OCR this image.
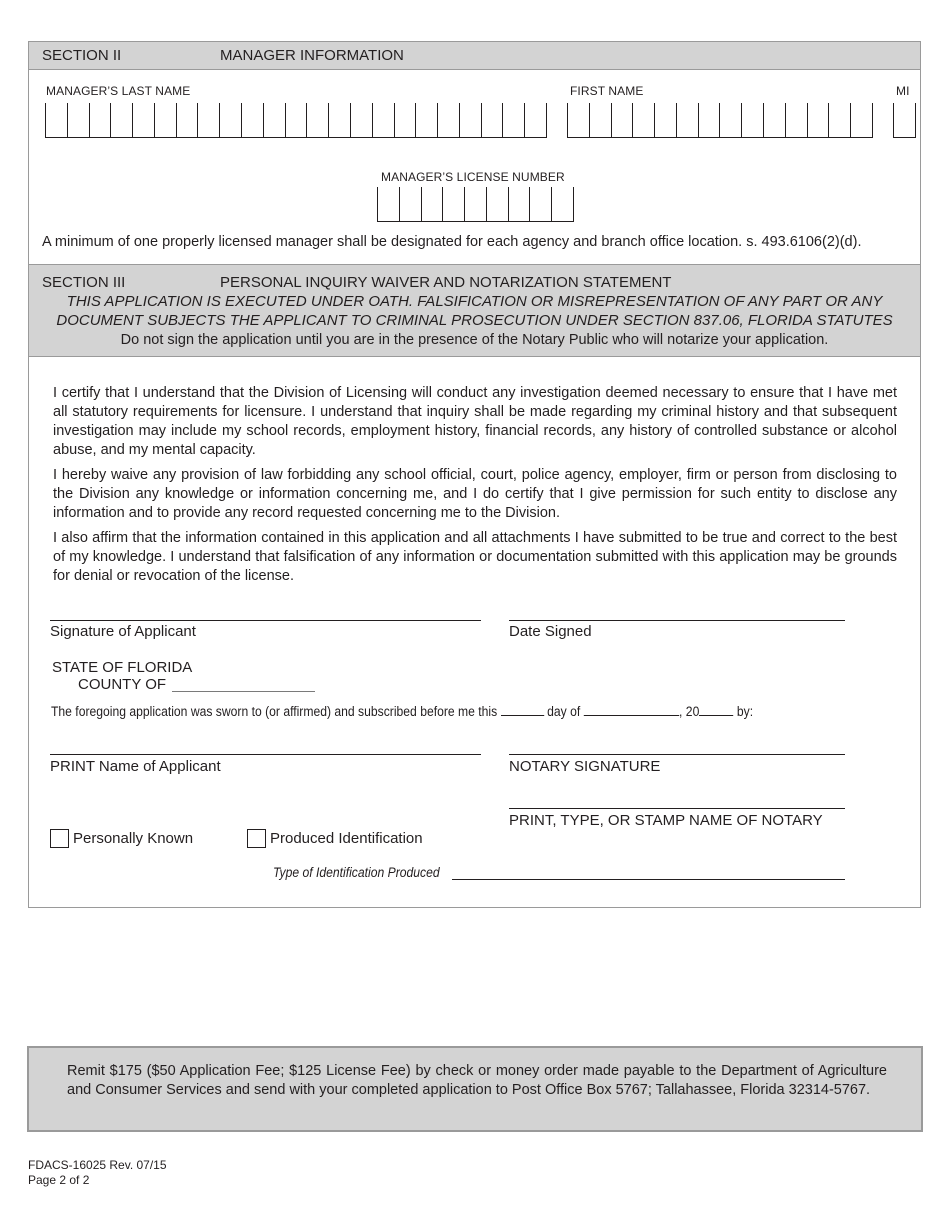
SECTION II	MANAGER INFORMATION
MANAGER’S LAST NAME	FIRST NAME	MI
MANAGER’S LICENSE NUMBER
A minimum of one properly licensed manager shall be designated for each agency and branch office location. s. 493.6106(2)(d).
SECTION III	PERSONAL INQUIRY WAIVER AND NOTARIZATION STATEMENT
THIS APPLICATION IS EXECUTED UNDER OATH. FALSIFICATION OR MISREPRESENTATION OF ANY PART OR ANY
DOCUMENT SUBJECTS THE APPLICANT TO CRIMINAL PROSECUTION UNDER SECTION 837.06, FLORIDA STATUTES
Do not sign the application until you are in the presence of the Notary Public who will notarize your application.

I certify that I understand that the Division of Licensing will conduct any investigation deemed necessary to ensure that I have met all statutory requirements for licensure. I understand that inquiry shall be made regarding my criminal history and that subsequent investigation may include my school records, employment history, financial records, any history of controlled substance or alcohol abuse, and my mental capacity.

I hereby waive any provision of law forbidding any school official, court, police agency, employer, firm or person from disclosing to the Division any knowledge or information concerning me, and I do certify that I give permission for such entity to disclose any information and to provide any record requested concerning me to the Division.

I also affirm that the information contained in this application and all attachments I have submitted to be true and correct to the best of my knowledge. I understand that falsification of any information or documentation submitted with this application may be grounds for denial or revocation of the license.

Signature of Applicant	Date Signed
STATE OF FLORIDA
COUNTY OF
The foregoing application was sworn to (or affirmed) and subscribed before me this	day of	, 20	by:
PRINT Name of Applicant	NOTARY SIGNATURE
PRINT, TYPE, OR STAMP NAME OF NOTARY
Personally Known	Produced Identification
Type of Identification Produced

Remit $175 ($50 Application Fee; $125 License Fee) by check or money order made payable to the Department of Agriculture and Consumer Services and send with your completed application to Post Office Box 5767; Tallahassee, Florida 32314-5767.

FDACS-16025 Rev. 07/15
Page 2 of 2
